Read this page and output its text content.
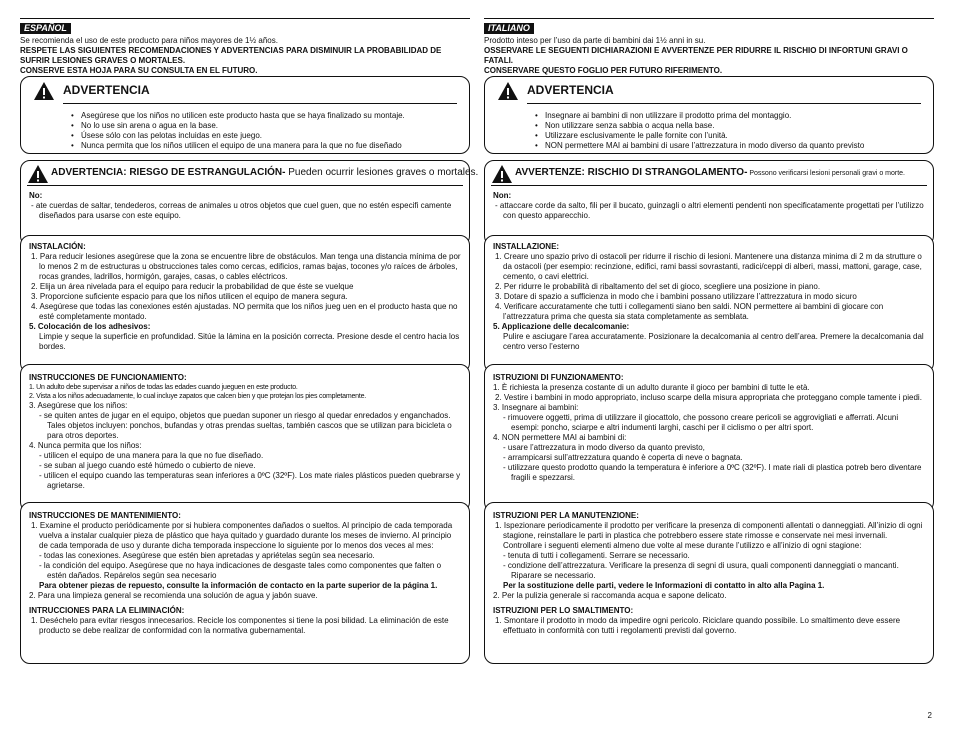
ESPAÑOL
Se recomienda el uso de este producto para niños mayores de 1½ años.
RESPETE LAS SIGUIENTES RECOMENDACIONES Y ADVERTENCIAS PARA DISMINUIR LA PROBABILIDAD DE SUFRIR LESIONES GRAVES O MORTALES.
CONSERVE ESTA HOJA PARA SU CONSULTA EN EL FUTURO.
ADVERTENCIA
• Asegúrese que los niños no utilicen este producto hasta que se haya finalizado su montaje.
• No lo use sin arena o agua en la base.
• Úsese sólo con las pelotas incluidas en este juego.
• Nunca permita que los niños utilicen el equipo de una manera para la que no fue diseñado
ADVERTENCIA: RIESGO DE ESTRANGULACIÓN- Pueden ocurrir lesiones graves o mortales.
No:
- ate cuerdas de saltar, tendederos, correas de animales u otros objetos que cuel guen, que no estén especifi camente diseñados para usarse con este equipo.
INSTALACIÓN:
1. Para reducir lesiones asegúrese que la zona se encuentre libre de obstáculos. Man tenga una distancia mínima de por lo menos 2 m de estructuras u obstrucciones tales como cercas, edificios, ramas bajas, tocones y/o raíces de árboles, rocas grandes, ladrillos, hormigón, garajes, casas, o cables eléctricos.
2. Elija un área nivelada para el equipo para reducir la probabilidad de que éste se vuelque
3. Proporcione suficiente espacio para que los niños utilicen el equipo de manera segura.
4. Asegúrese que todas las conexiones estén ajustadas. NO permita que los niños jueg uen en el producto hasta que no esté completamente montado.
5. Colocación de los adhesivos:
Limpie y seque la superficie en profundidad. Sitúe la lámina en la posición correcta. Presione desde el centro hacia los bordes.
INSTRUCCIONES DE FUNCIONAMIENTO:
1. Un adulto debe supervisar a niños de todas las edades cuando jueguen en este producto.
2. Vista a los niños adecuadamente, lo cual incluye zapatos que calcen bien y que protejan los pies completamente.
3. Asegúrese que los niños:
- se quiten antes de jugar en el equipo, objetos que puedan suponer un riesgo al quedar enredados y enganchados. Tales objetos incluyen: ponchos, bufandas y otras prendas sueltas, también cascos que se utilizan para bicicleta o para otros deportes.
4. Nunca permita que los niños:
- utilicen el equipo de una manera para la que no fue diseñado.
- se suban al juego cuando esté húmedo o cubierto de nieve.
- utilicen el equipo cuando las temperaturas sean inferiores a 0ºC (32ºF). Los mate riales plásticos pueden quebrarse y agrietarse.
INSTRUCCIONES DE MANTENIMIENTO:
1. Examine el producto periódicamente por si hubiera componentes dañados o sueltos. Al principio de cada temporada vuelva a instalar cualquier pieza de plástico que haya quitado y guardado durante los meses de invierno. Al principio de cada temporada de uso y durante dicha temporada inspeccione lo siguiente por lo menos dos veces al mes:
- todas las conexiones. Asegúrese que estén bien apretadas y apriételas según sea necesario.
- la condición del equipo. Asegúrese que no haya indicaciones de desgaste tales como componentes que falten o estén dañados. Repárelos según sea necesario
Para obtener piezas de repuesto, consulte la información de contacto en la parte superior de la página 1.
2. Para una limpieza general se recomienda una solución de agua y jabón suave.
INTRUCCIONES PARA LA ELIMINACIÓN:
1. Deséchelo para evitar riesgos innecesarios. Recicle los componentes si tiene la posi bilidad. La eliminación de este producto se debe realizar de conformidad con la normativa gubernamental.
ITALIANO
Prodotto inteso per l’uso da parte di bambini dai 1½ anni in su.
OSSERVARE LE SEGUENTI DICHIARAZIONI E AVVERTENZE PER RIDURRE IL RISCHIO DI INFORTUNI GRAVI O FATALI.
CONSERVARE QUESTO FOGLIO PER FUTURO RIFERIMENTO.
ADVERTENCIA
• Insegnare ai bambini di non utilizzare il prodotto prima del montaggio.
• Non utilizzare senza sabbia o acqua nella base.
• Utilizzare esclusivamente le palle fornite con l’unità.
• NON permettere MAI ai bambini di usare l’attrezzatura in modo diverso da quanto previsto
AVVERTENZE: RISCHIO DI STRANGOLAMENTO- Possono verificarsi lesioni personali gravi o morte.
Non:
- attaccare corde da salto, fili per il bucato, guinzagli o altri elementi pendenti non specificatamente progettati per l’utilizzo con questo apparecchio.
INSTALLAZIONE:
1. Creare uno spazio privo di ostacoli per ridurre il rischio di lesioni. Mantenere una distanza minima di 2 m da strutture o da ostacoli (per esempio: recinzione, edifici, rami bassi sovrastanti, radici/ceppi di alberi, massi, mattoni, garage, case, cemento, o cavi elettrici.
2. Per ridurre le probabilità di ribaltamento del set di gioco, scegliere una posizione in piano.
3. Dotare di spazio a sufficienza in modo che i bambini possano utilizzare l’attrezzatura in modo sicuro
4. Verificare accuratamente che tutti i collegamenti siano ben saldi. NON permettere ai bambini di giocare con l’attrezzatura prima che questa sia stata completamente as semblata.
5. Applicazione delle decalcomanie:
Pulire e asciugare l’area accuratamente. Posizionare la decalcomania al centro dell’area. Premere la decalcomania dal centro verso l’esterno
ISTRUZIONI DI FUNZIONAMENTO:
1. È richiesta la presenza costante di un adulto durante il gioco per bambini di tutte le età.
2. Vestire i bambini in modo appropriato, incluso scarpe della misura appropriata che proteggano comple tamente i piedi.
3. Insegnare ai bambini:
- rimuovere oggetti, prima di utilizzare il giocattolo, che possono creare pericoli se aggrovigliati e afferrati. Alcuni esempi: poncho, sciarpe e altri indumenti larghi, caschi per il ciclismo o per altri sport.
4. NON permettere MAI ai bambini di:
- usare l’attrezzatura in modo diverso da quanto previsto,
- arrampicarsi sull’attrezzatura quando è coperta di neve o bagnata.
- utilizzare questo prodotto quando la temperatura è inferiore a 0ºC (32ºF). I mate riali di plastica potreb bero diventare fragili e spezzarsi.
ISTRUZIONI PER LA MANUTENZIONE:
1. Ispezionare periodicamente il prodotto per verificare la presenza di componenti allentati o danneggiati. All’inizio di ogni stagione, reinstallare le parti in plastica che potrebbero essere state rimosse e conservate nei mesi invernali. Controllare i seguenti elementi almeno due volte al mese durante l’utilizzo e all’inizio di ogni stagione:
- tenuta di tutti i collegamenti. Serrare se necessario.
- condizione dell’attrezzatura. Verificare la presenza di segni di usura, quali componenti danneggiati o mancanti. Riparare se necessario.
Per la sostituzione delle parti, vedere le Informazioni di contatto in alto alla Pagina 1.
2. Per la pulizia generale si raccomanda acqua e sapone delicato.
ISTRUZIONI PER LO SMALTIMENTO:
1. Smontare il prodotto in modo da impedire ogni pericolo. Riciclare quando possibile. Lo smaltimento deve essere effettuato in conformità con tutti i regolamenti previsti dal governo.
2
